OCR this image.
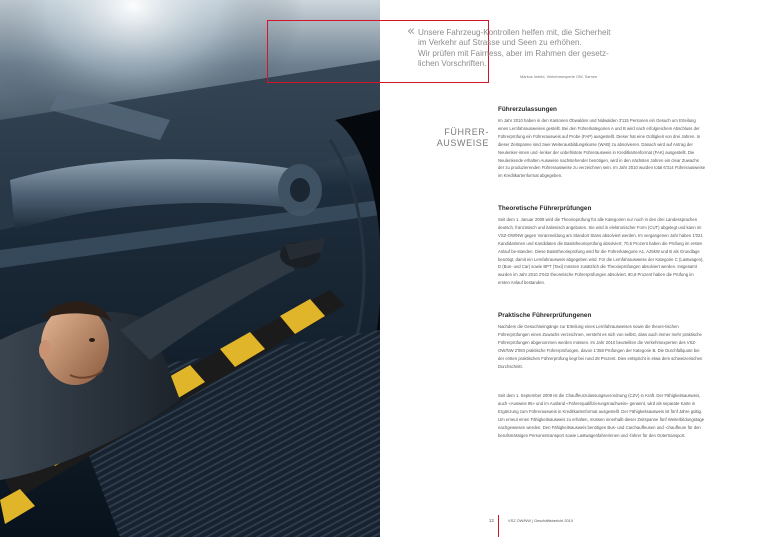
« Unsere Fahrzeug-Kontrollen helfen mit, die Sicherheit
im Verkehr auf Strasse und Seen zu erhöhen.
Wir prüfen mit Fairness, aber im Rahmen der gesetz-
lichen Vorschriften.
Markus Imfeld, Verkehrsexperte OW, Sarnen
FÜHRER-
AUSWEISE
Führerzulassungen
Im Jahr 2010 haben in den Kantonen Obwalden und Nidwalden 3'115 Personen ein Gesuch um Erteilung eines Lernfahrausweises gestellt. Bei den Führerkategorien A und B wird nach erfolgreichem Abschluss der Führerprüfung ein Führerausweis auf Probe (FAP) ausgestellt. Dieser hat eine Gültigkeit von drei Jahren. In dieser Zeitspanne sind zwei Weiterausbildungskurse (WAB) zu absolvieren. Danach wird auf Antrag der Neulenker-innen und -lenker der unbefristete Führerausweis in Kreditkartenformat (FAK) ausgestellt. Die Neulenkende erhalten Ausweise nachstehender benötigen, wird in den nächsten Jahren ein clear Zuwachs der zu produzierenden Führerausweise zu verzeichnen sein. Im Jahr 2010 wurden total 6'314 Führerausweise im Kreditkartenformat abgegeben.
Theoretische Führerprüfungen
Seit dem 1. Januar 2008 wird die Theorieprüfung für alle Kategorien nur noch in den drei Landessprachen deutsch, französisch und italienisch angeboten. Sie wird in elektronischer Form (CUT) abgelegt und kann im VSZ-OW/NW gegen Voranmeldung am Standort Stans absolviert werden. Im vergangenen Jahr haben 1'021 Kandidatinnen und Kandidaten die Basistheorieprüfung absolviert; 70,5 Prozent haben die Prüfung im ersten Anlauf be-standen. Diese Basistheorieprüfung wird für die Führerkategorie A1, A25kW und B als Grundlage benötigt, damit ein Lernfahrausweis abgegeben wird. Für die Lernfahrausweise der Kategorie C (Lastwagen), D (Bus- und Car) sowie BPT (Taxi) müssen zusätzlich die Theorieprüfungen absolviert werden. Insgesamt wurden im Jahr 2010 2'042 theoretische Führerprüfungen absolviert, 80,8 Prozent haben die Prüfung im ersten Anlauf bestanden.
Praktische Führerprüfungenen
Nachdem die Gesuchseingänge zur Erteilung eines Lernfahrausweises sowie die theore-tischen Führerprüfungen einen Zuwachs verzeichnen, versteht es sich von selbst, dass auch immer mehr praktische Führerprüfungen abgenommen werden müssen. Im Jahr 2010 beurteilten die Verkehrsexperten des VSZ-OW/NW 2'083 praktische Führerprüfungen, davon 1'358 Prüfungen der Kategorie B. Die Durchfallquote bei der ersten praktischen Führerprüfung liegt bei rund 28 Prozent. Dies entspricht in etwa dem schweizerischen Durchschnitt.
Seit dem 1. September 2009 ist die Chauffeurzulassungsverordnung (CZV) in Kraft. Der Fähigkeitsausweis, auch «Ausweis 95» und im Ausland «Fahrerqualifizierungsnachweis» genannt, wird als separate Karte in Ergänzung zum Führerausweis in Kreditkartenformat ausgestellt. Der Fähigkeitsausweis ist fünf Jahre gültig. Um erneut einen Fähigkeitsausweis zu erhalten, müssen innerhalb dieser Zeitspanne fünf Weiterbildungstage nachgewiesen werden. Den Fähigkeitsausweis benötigen Bus- und Carchauffeusen und -chauffeure für den berufsmässigen Personentransport sowie Lastwagenfahrerinnen und -fahrer für den Gütertransport.
13	VSZ OW/NW | Geschäftsbericht 2010
